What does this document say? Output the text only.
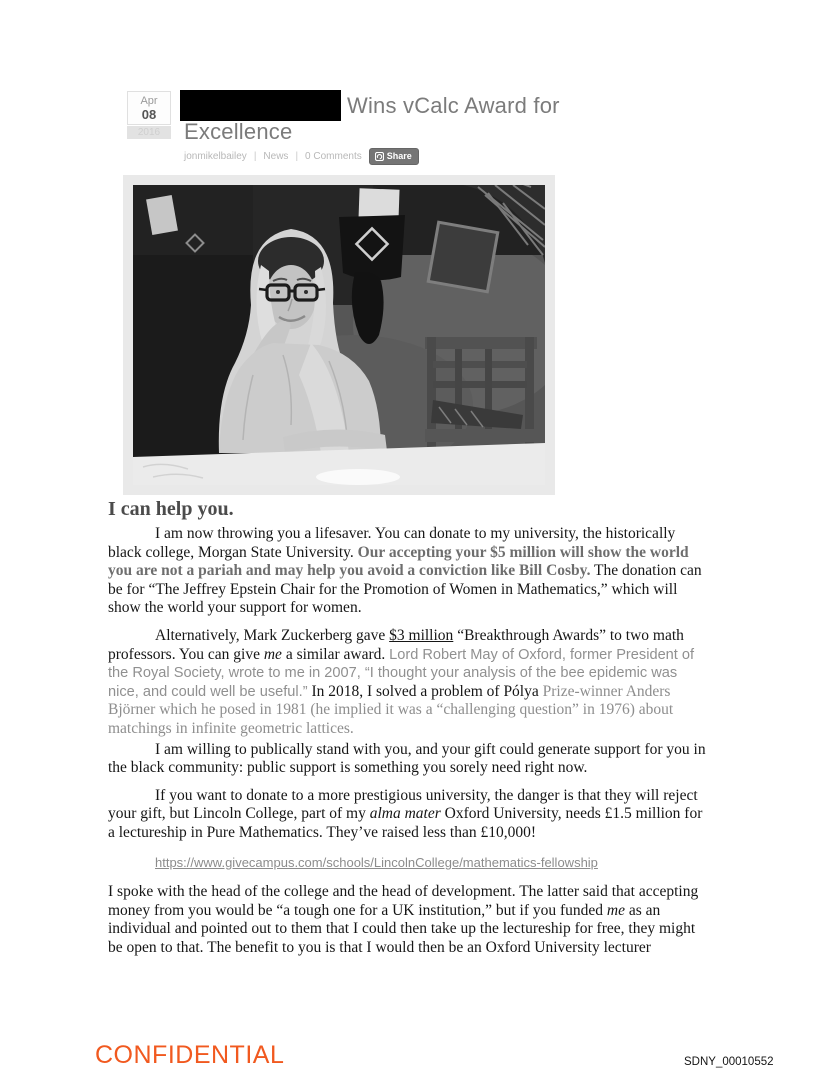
Apr
08
2016
Wins vCalc Award for
Excellence
jonmikelbailey | News | 0 Comments	Share
I can help you.

I am now throwing you a lifesaver. You can donate to my university, the historically black college, Morgan State University. Our accepting your $5 million will show the world you are not a pariah and may help you avoid a conviction like Bill Cosby. The donation can be for “The Jeffrey Epstein Chair for the Promotion of Women in Mathematics,” which will show the world your support for women.

Alternatively, Mark Zuckerberg gave $3 million “Breakthrough Awards” to two math professors. You can give me a similar award. Lord Robert May of Oxford, former President of the Royal Society, wrote to me in 2007, “I thought your analysis of the bee epidemic was nice, and could well be useful.” In 2018, I solved a problem of Pólya Prize-winner Anders Björner which he posed in 1981 (he implied it was a “challenging question” in 1976) about matchings in infinite geometric lattices.

I am willing to publically stand with you, and your gift could generate support for you in the black community: public support is something you sorely need right now.

If you want to donate to a more prestigious university, the danger is that they will reject your gift, but Lincoln College, part of my alma mater Oxford University, needs £1.5 million for a lectureship in Pure Mathematics. They’ve raised less than £10,000!

https://www.givecampus.com/schools/LincolnCollege/mathematics-fellowship

I spoke with the head of the college and the head of development. The latter said that accepting money from you would be “a tough one for a UK institution,” but if you funded me as an individual and pointed out to them that I could then take up the lectureship for free, they might be open to that. The benefit to you is that I would then be an Oxford University lecturer

CONFIDENTIAL	SDNY_00010552
